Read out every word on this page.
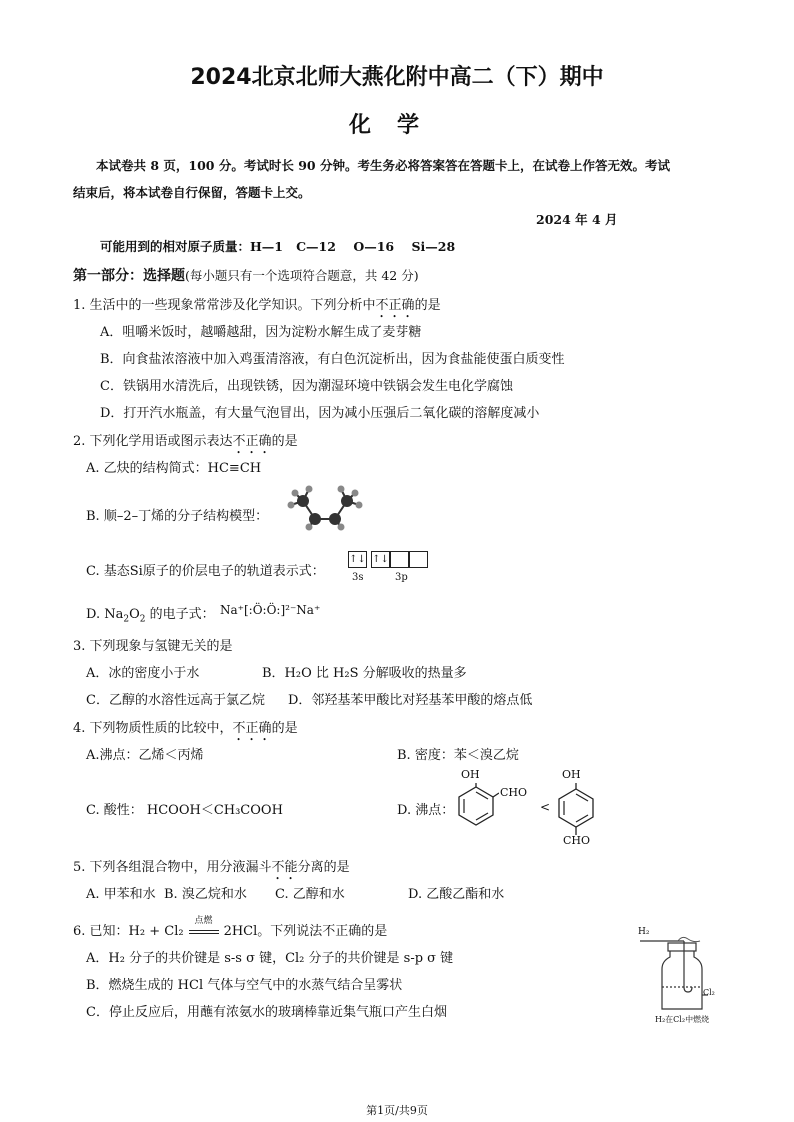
2024北京北师大燕化附中高二（下）期中
化学
本试卷共 8 页，100 分。考试时长 90 分钟。考生务必将答案答在答题卡上，在试卷上作答无效。考试
结束后，将本试卷自行保留，答题卡上交。
2024 年 4 月
可能用到的相对原子质量：H—1   C—12    O—16    Si—28
第一部分：选择题(每小题只有一个选项符合题意，共 42 分)
1. 生活中的一些现象常常涉及化学知识。下列分析中不正确的是
A．咀嚼米饭时，越嚼越甜，因为淀粉水解生成了麦芽糖
B．向食盐浓溶液中加入鸡蛋清溶液，有白色沉淀析出，因为食盐能使蛋白质变性
C．铁锅用水清洗后，出现铁锈，因为潮湿环境中铁锅会发生电化学腐蚀
D．打开汽水瓶盖，有大量气泡冒出，因为减小压强后二氧化碳的溶解度减小
2. 下列化学用语或图示表达不正确的是
A. 乙炔的结构简式：HC≡CH
B. 顺–2–丁烯的分子结构模型：
C. 基态Si原子的价层电子的轨道表示式：
↑↓ ↑↓
3s	3p
D. $Na_2O_2$ 的电子式： Na⁺[:Ö:Ö:]²⁻Na⁺
3. 下列现象与氢键无关的是
A．冰的密度小于水	B．H₂O 比 H₂S 分解吸收的热量多
C．乙醇的水溶性远高于氯乙烷 D．邻羟基苯甲酸比对羟基苯甲酸的熔点低
4. 下列物质性质的比较中，不正确的是
A.沸点：乙烯＜丙烯	B. 密度：苯＜溴乙烷
C. 酸性： HCOOH＜CH₃COOH	D. 沸点：
OH
CHO
<
OH
CHO
5. 下列各组混合物中，用分液漏斗不能分离的是
A. 甲苯和水 B. 溴乙烷和水 C. 乙醇和水	D. 乙酸乙酯和水
6. 已知：H₂ + Cl₂
点燃
2HCl。下列说法不正确的是
A．H₂ 分子的共价键是 s-s σ 键，Cl₂ 分子的共价键是 s-p σ 键
B．燃烧生成的 HCl 气体与空气中的水蒸气结合呈雾状
C．停止反应后，用蘸有浓氨水的玻璃棒靠近集气瓶口产生白烟
H₂
Cl₂
H₂在Cl₂中燃烧
第1页/共9页
